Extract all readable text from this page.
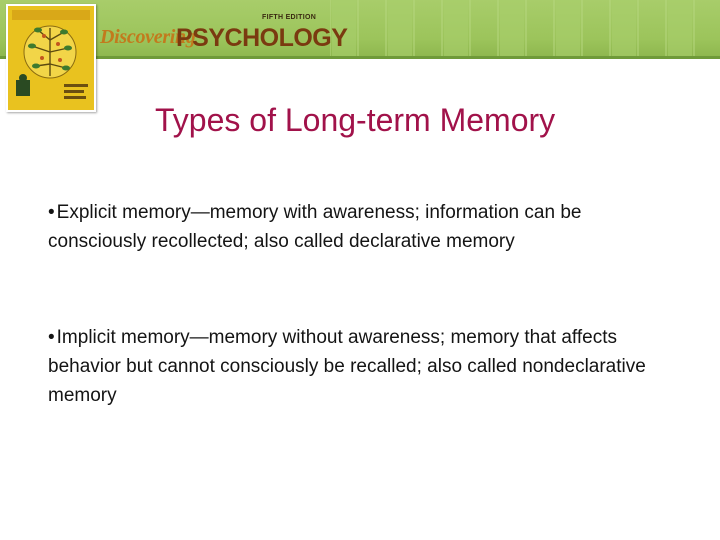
FIFTH EDITION
Discovering
PSYCHOLOGY
Types of Long-term Memory
• Explicit memory—memory with awareness; information can be consciously recollected; also called declarative memory
• Implicit memory—memory without awareness; memory that affects behavior but cannot consciously be recalled; also called nondeclarative memory
